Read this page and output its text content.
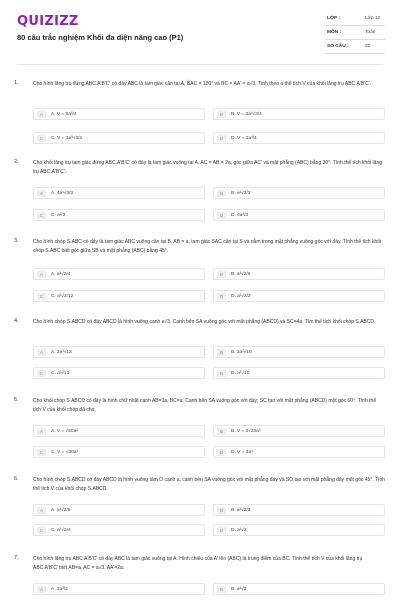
QUIZIZZ
80 câu trắc nghiệm Khối đa diện nâng cao (P1)
LỚP :	Lớp 12
MÔN :	Toán
SỐ CÂU :	20
1.	Cho hình lăng trụ đứng ABC.A'B'C' có đáy ABC là tam giác cân tại A, B̂AC = 120° và BC = AA' = a√3. Tính theo a thể tích V của khối lăng trụ ABC.A'B'C'.
A	A. V = 9a³/4	B	B. V = 3a³√3/4
C	C. V = 3a³√3/2	D	D. V = 3a³/4
2.	Cho khối lăng trụ tam giác đứng ABC.A'B'C' có đáy là tam giác vuông tại A, AC = AB = 2a, góc giữa AC' và mặt phẳng (ABC) bằng 30°. Tính thể tích khối lăng trụ ABC.A'B'C'.
A	A. 4a³√3/3	B	B. a³√3/3
C	C. a³/3	D	D. 4a³/3
3.	Cho hình chóp S.ABC có đáy là tam giác ABC vuông cân tại B, AB = a, tam giác SAC cân tại S và nằm trong mặt phẳng vuông góc với đáy. Tính thể tích khối chóp S.ABC biết góc giữa SB và mặt phẳng (ABC) bằng 45°.
A	A. a³√2/4	B	B. a³√2/6
C	C. a³√2/12	D	D. a³√2/2
4.	Cho hình chóp S.ABCD có đáy ABCD là hình vuông cạnh a√3. Cạnh bên SA vuông góc với mặt phẳng (ABCD) và SC=4a. Tìm thể tích khối chóp S.ABCD.
A	A. 3a³√13	B	B. 3a³√10
C	C. a³√13	D	D. a³√10
5.	Cho khối chóp S.ABCD có đáy là hình chữ nhật cạnh AB=3a, BC=a. Cạnh bên SA vuông góc với đáy; SC tạo với mặt phẳng (ABCD) một góc 60°. Tính thể tích V của khối chóp đã cho.
A	A. V = √60a³	B	B. V = 3√20a³
C	C. V = √30a³	D	D. V = 3a³
6.	Cho hình chóp S.ABCD có đáy ABCD là hình vuông tâm O cạnh a, cạnh bên SA vuông góc với mặt phẳng đáy và SO tạo với mặt phẳng đáy một góc 45°. Tính thể tích V của khối chóp S.ABCD.
A	A. a³√2/6	B	B. a³√2/3
C	C. a³√2/4	D	D. a³√2
7.	Cho hình lăng trụ ABC.A'B'C' có đáy ABC là tam giác vuông tại A. Hình chiếu của A' lên (ABC) là trung điểm của BC. Tính thể tích V của khối lăng trụ ABC.A'B'C' biết AB=a, AC = a√3, AA'=2a.
A	A. 3a³/2	B	B. a³√3
